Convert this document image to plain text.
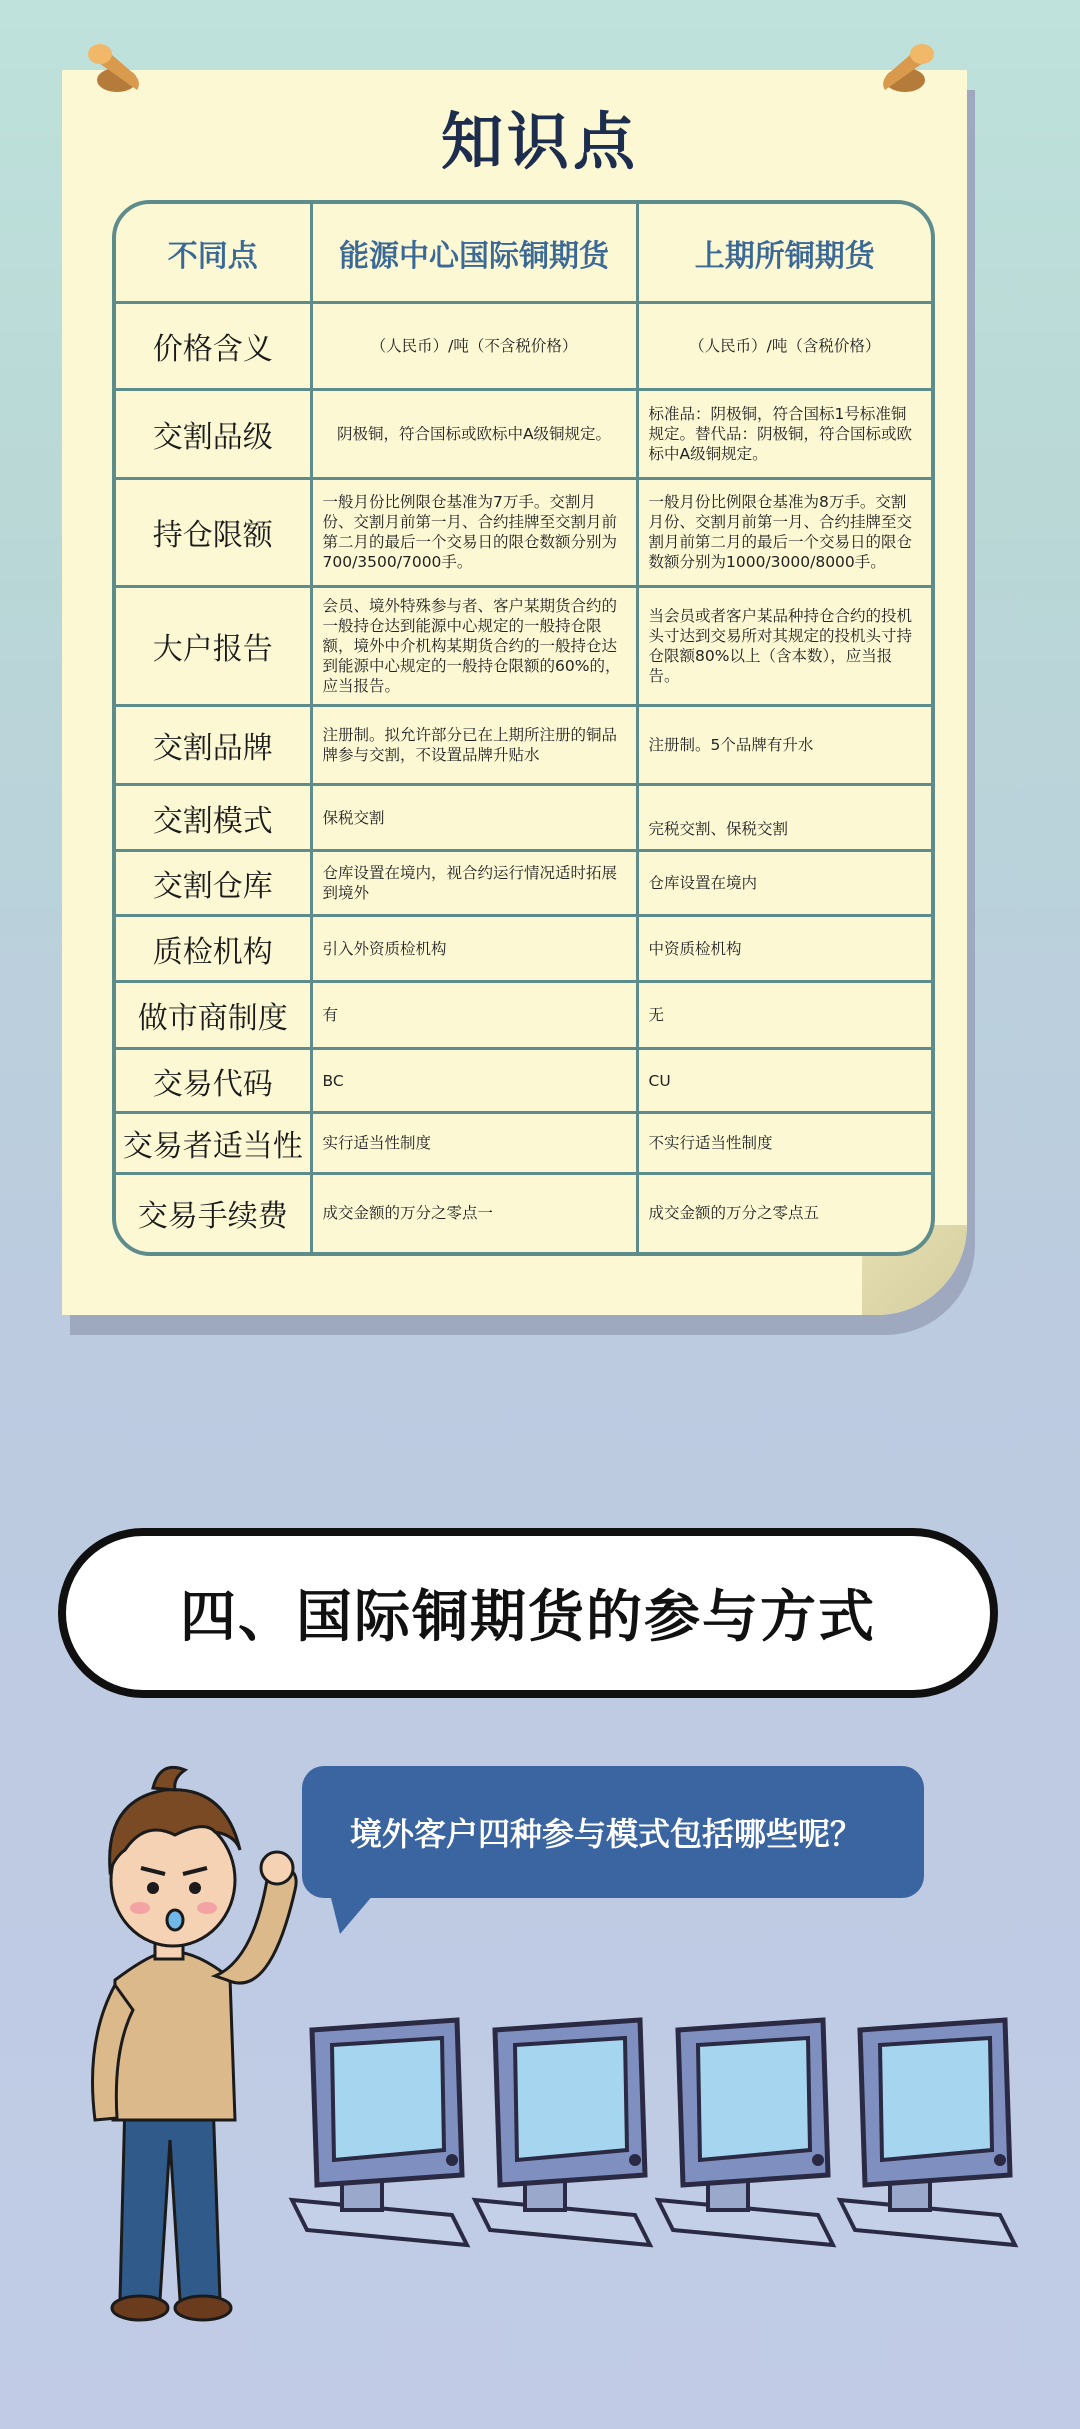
知识点
不同点	能源中心国际铜期货	上期所铜期货
价格含义	（人民币）/吨（不含税价格）	（人民币）/吨（含税价格）
交割品级	阴极铜，符合国标或欧标中A级铜规定。	标准品：阴极铜，符合国标1号标准铜规定。替代品：阴极铜，符合国标或欧标中A级铜规定。
持仓限额	一般月份比例限仓基准为7万手。交割月份、交割月前第一月、合约挂牌至交割月前第二月的最后一个交易日的限仓数额分别为700/3500/7000手。	一般月份比例限仓基准为8万手。交割月份、交割月前第一月、合约挂牌至交割月前第二月的最后一个交易日的限仓数额分别为1000/3000/8000手。
大户报告	会员、境外特殊参与者、客户某期货合约的一般持仓达到能源中心规定的一般持仓限额，境外中介机构某期货合约的一般持仓达到能源中心规定的一般持仓限额的60%的，应当报告。	当会员或者客户某品种持仓合约的投机头寸达到交易所对其规定的投机头寸持仓限额80%以上（含本数），应当报告。
交割品牌	注册制。拟允许部分已在上期所注册的铜品牌参与交割，不设置品牌升贴水	注册制。5个品牌有升水
交割模式	保税交割	完税交割、保税交割
交割仓库	仓库设置在境内，视合约运行情况适时拓展到境外	仓库设置在境内
质检机构	引入外资质检机构	中资质检机构
做市商制度	有	无
交易代码	BC	CU
交易者适当性	实行适当性制度	不实行适当性制度
交易手续费	成交金额的万分之零点一	成交金额的万分之零点五
四、国际铜期货的参与方式
境外客户四种参与模式包括哪些呢？
